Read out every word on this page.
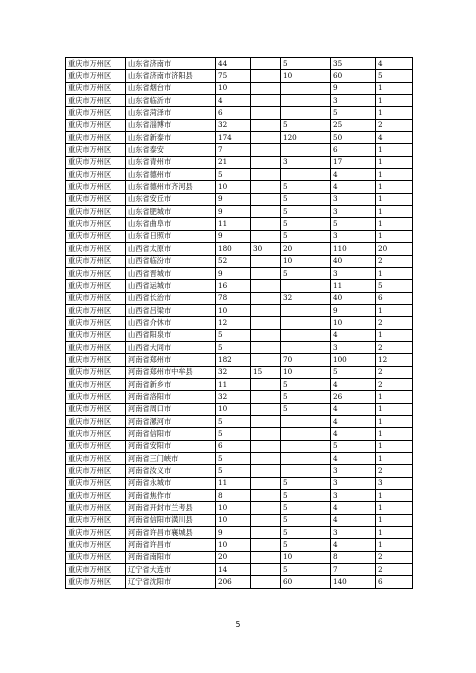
重庆市万州区	山东省济南市	44		5	35	4
重庆市万州区	山东省济南市济阳县	75		10	60	5
重庆市万州区	山东省烟台市	10			9	1
重庆市万州区	山东省临沂市	4			3	1
重庆市万州区	山东省菏泽市	6			5	1
重庆市万州区	山东省淄博市	32		5	25	2
重庆市万州区	山东省新泰市	174		120	50	4
重庆市万州区	山东省泰安	7			6	1
重庆市万州区	山东省青州市	21		3	17	1
重庆市万州区	山东省德州市	5			4	1
重庆市万州区	山东省德州市齐河县	10		5	4	1
重庆市万州区	山东省安丘市	9		5	3	1
重庆市万州区	山东省肥城市	9		5	3	1
重庆市万州区	山东省曲阜市	11		5	5	1
重庆市万州区	山东省日照市	9		5	3	1
重庆市万州区	山西省太原市	180	30	20	110	20
重庆市万州区	山西省临汾市	52		10	40	2
重庆市万州区	山西省晋城市	9		5	3	1
重庆市万州区	山西省运城市	16			11	5
重庆市万州区	山西省长治市	78		32	40	6
重庆市万州区	山西省吕梁市	10			9	1
重庆市万州区	山西省介休市	12			10	2
重庆市万州区	山西省阳泉市	5			4	1
重庆市万州区	山西省大同市	5			3	2
重庆市万州区	河南省郑州市	182		70	100	12
重庆市万州区	河南省郑州市中牟县	32	15	10	5	2
重庆市万州区	河南省新乡市	11		5	4	2
重庆市万州区	河南省洛阳市	32		5	26	1
重庆市万州区	河南省周口市	10		5	4	1
重庆市万州区	河南省漯河市	5			4	1
重庆市万州区	河南省信阳市	5			4	1
重庆市万州区	河南省安阳市	6			5	1
重庆市万州区	河南省三门峡市	5			4	1
重庆市万州区	河南省汝义市	5			3	2
重庆市万州区	河南省永城市	11		5	3	3
重庆市万州区	河南省焦作市	8		5	3	1
重庆市万州区	河南省开封市兰考县	10		5	4	1
重庆市万州区	河南省信阳市潢川县	10		5	4	1
重庆市万州区	河南省许昌市襄城县	9		5	3	1
重庆市万州区	河南省许昌市	10		5	4	1
重庆市万州区	河南省南阳市	20		10	8	2
重庆市万州区	辽宁省大连市	14		5	7	2
重庆市万州区	辽宁省沈阳市	206		60	140	6
5
